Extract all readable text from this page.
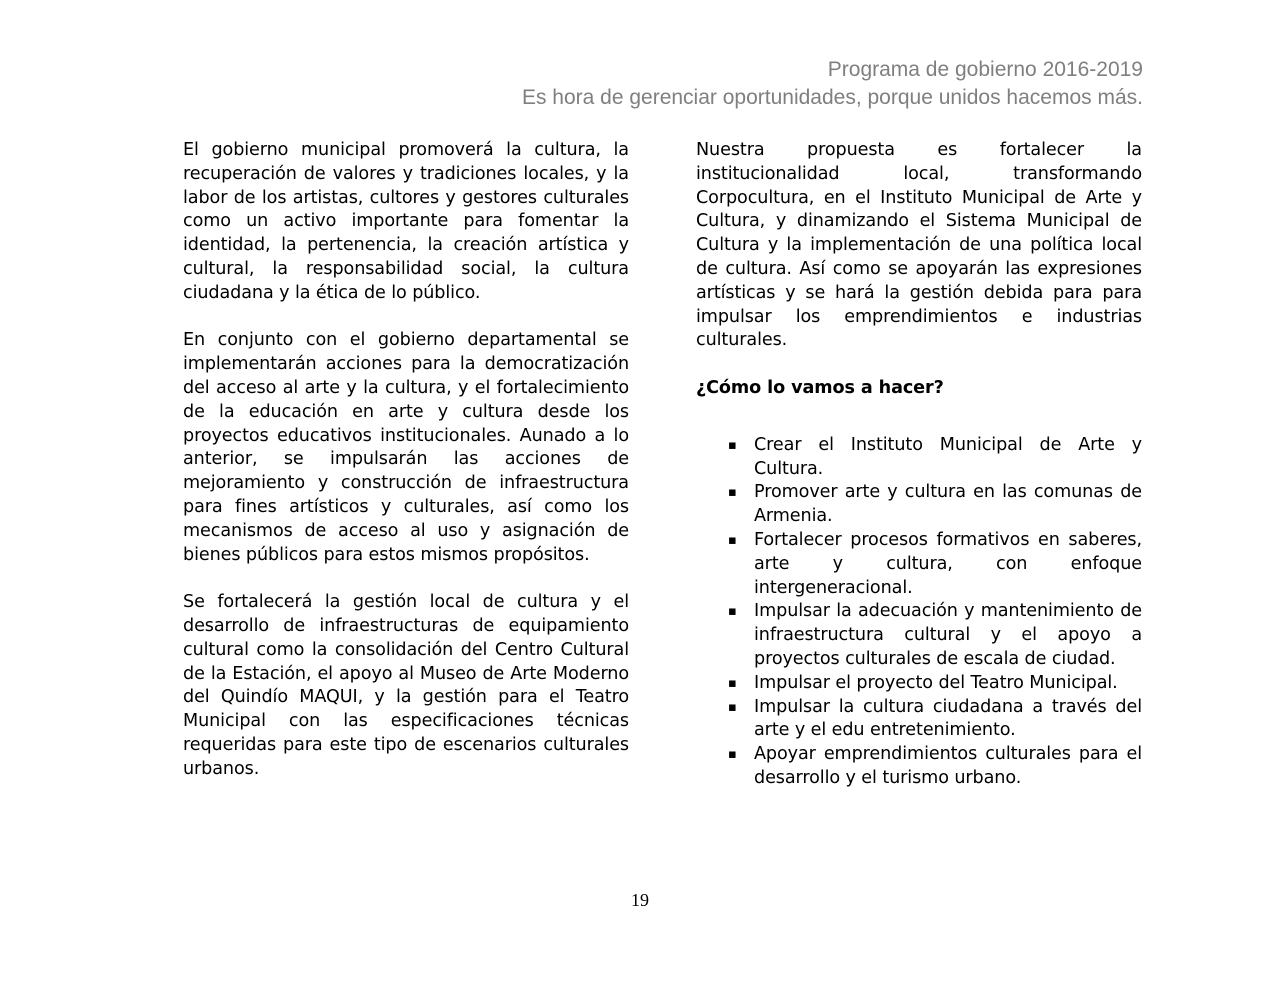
Programa de gobierno 2016-2019
Es hora de gerenciar oportunidades, porque unidos hacemos más.

El gobierno municipal promoverá la cultura, la recuperación de valores y tradiciones locales, y la labor de los artistas, cultores y gestores culturales como un activo importante para fomentar la identidad, la pertenencia, la creación artística y cultural, la responsabilidad social, la cultura ciudadana y la ética de lo público.

En conjunto con el gobierno departamental se implementarán acciones para la democratización del acceso al arte y la cultura, y el fortalecimiento de la educación en arte y cultura desde los proyectos educativos institucionales. Aunado a lo anterior, se impulsarán las acciones de mejoramiento y construcción de infraestructura para fines artísticos y culturales, así como los mecanismos de acceso al uso y asignación de bienes públicos para estos mismos propósitos.

Se fortalecerá la gestión local de cultura y el desarrollo de infraestructuras de equipamiento cultural como la consolidación del Centro Cultural de la Estación, el apoyo al Museo de Arte Moderno del Quindío MAQUI, y la gestión para el Teatro Municipal con las especificaciones técnicas requeridas para este tipo de escenarios culturales urbanos.

Nuestra propuesta es fortalecer la institucionalidad local, transformando Corpocultura, en el Instituto Municipal de Arte y Cultura, y dinamizando el Sistema Municipal de Cultura y la implementación de una política local de cultura. Así como se apoyarán las expresiones artísticas y se hará la gestión debida para para impulsar los emprendimientos e industrias culturales.

¿Cómo lo vamos a hacer?

▪ Crear el Instituto Municipal de Arte y Cultura.
▪ Promover arte y cultura en las comunas de Armenia.
▪ Fortalecer procesos formativos en saberes, arte y cultura, con enfoque intergeneracional.
▪ Impulsar la adecuación y mantenimiento de infraestructura cultural y el apoyo a proyectos culturales de escala de ciudad.
▪ Impulsar el proyecto del Teatro Municipal.
▪ Impulsar la cultura ciudadana a través del arte y el edu entretenimiento.
▪ Apoyar emprendimientos culturales para el desarrollo y el turismo urbano.
19
